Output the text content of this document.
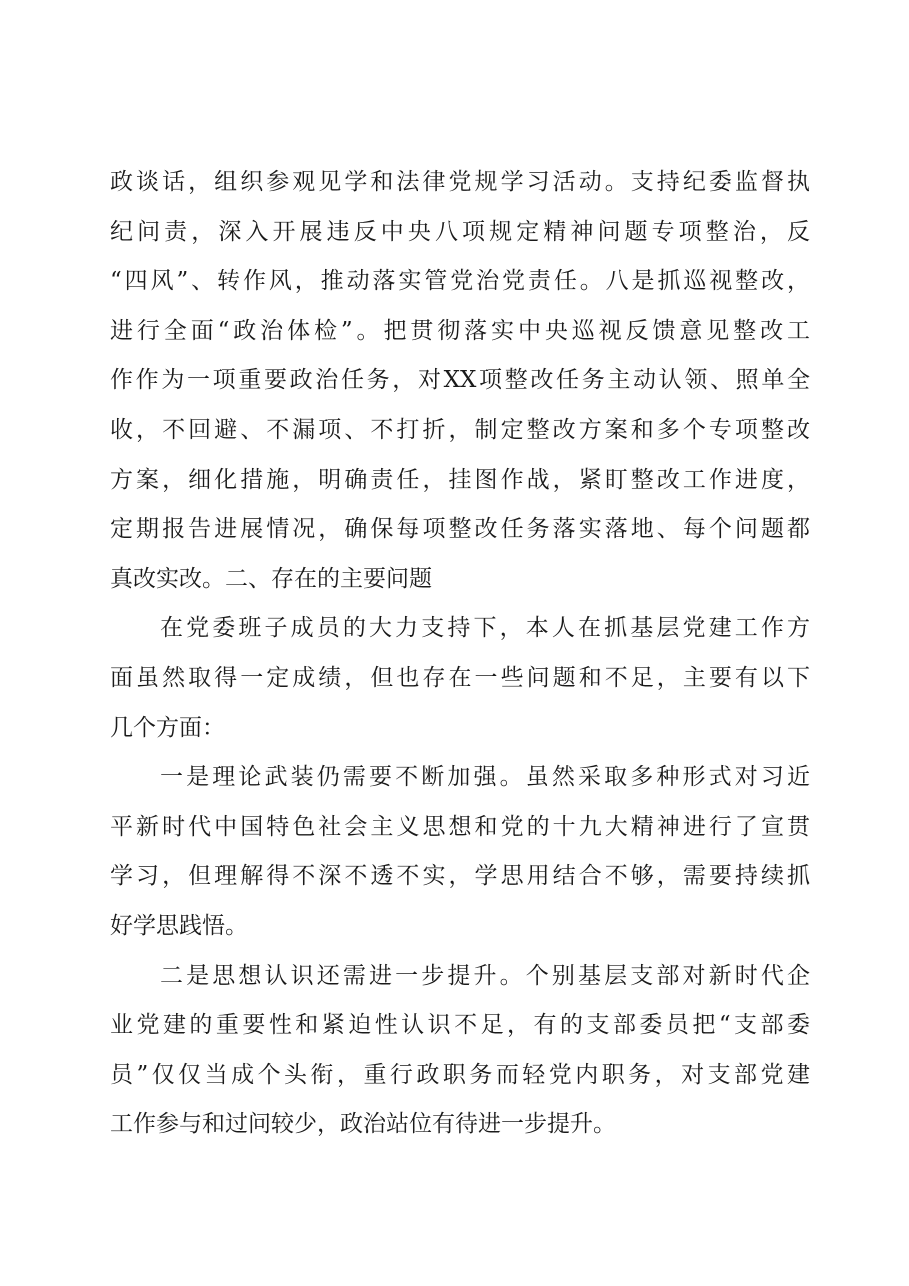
政谈话，组织参观见学和法律党规学习活动。支持纪委监督执
纪问责，深入开展违反中央八项规定精神问题专项整治，反
“四风”、转作风，推动落实管党治党责任。八是抓巡视整改，
进行全面“政治体检”。把贯彻落实中央巡视反馈意见整改工
作作为一项重要政治任务，对XX项整改任务主动认领、照单全
收，不回避、不漏项、不打折，制定整改方案和多个专项整改
方案，细化措施，明确责任，挂图作战，紧盯整改工作进度，
定期报告进展情况，确保每项整改任务落实落地、每个问题都
真改实改。二、存在的主要问题
在党委班子成员的大力支持下，本人在抓基层党建工作方
面虽然取得一定成绩，但也存在一些问题和不足，主要有以下
几个方面：
一是理论武装仍需要不断加强。虽然采取多种形式对习近
平新时代中国特色社会主义思想和党的十九大精神进行了宣贯
学习，但理解得不深不透不实，学思用结合不够，需要持续抓
好学思践悟。
二是思想认识还需进一步提升。个别基层支部对新时代企
业党建的重要性和紧迫性认识不足，有的支部委员把“支部委
员”仅仅当成个头衔，重行政职务而轻党内职务，对支部党建
工作参与和过问较少，政治站位有待进一步提升。
